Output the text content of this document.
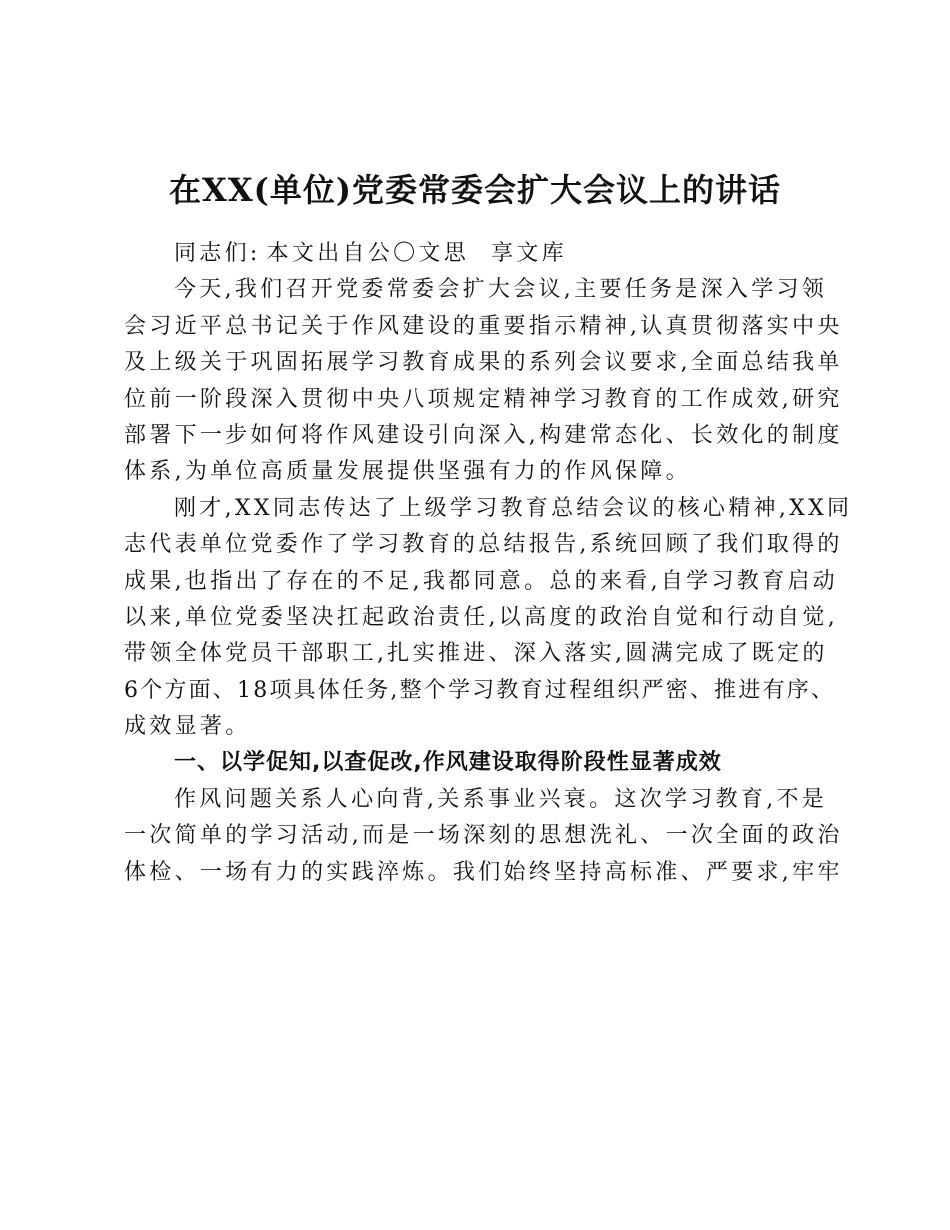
在XX(单位)党委常委会扩大会议上的讲话
同志们: 本文出自公〇文思 享文库
今天,我们召开党委常委会扩大会议,主要任务是深入学习领
会习近平总书记关于作风建设的重要指示精神,认真贯彻落实中央
及上级关于巩固拓展学习教育成果的系列会议要求,全面总结我单
位前一阶段深入贯彻中央八项规定精神学习教育的工作成效,研究
部署下一步如何将作风建设引向深入,构建常态化、长效化的制度
体系,为单位高质量发展提供坚强有力的作风保障。
刚才,XX同志传达了上级学习教育总结会议的核心精神,XX同
志代表单位党委作了学习教育的总结报告,系统回顾了我们取得的
成果,也指出了存在的不足,我都同意。总的来看,自学习教育启动
以来,单位党委坚决扛起政治责任,以高度的政治自觉和行动自觉,
带领全体党员干部职工,扎实推进、深入落实,圆满完成了既定的
6个方面、18项具体任务,整个学习教育过程组织严密、推进有序、
成效显著。
一、以学促知,以查促改,作风建设取得阶段性显著成效
作风问题关系人心向背,关系事业兴衰。这次学习教育,不是
一次简单的学习活动,而是一场深刻的思想洗礼、一次全面的政治
体检、一场有力的实践淬炼。我们始终坚持高标准、严要求,牢牢
